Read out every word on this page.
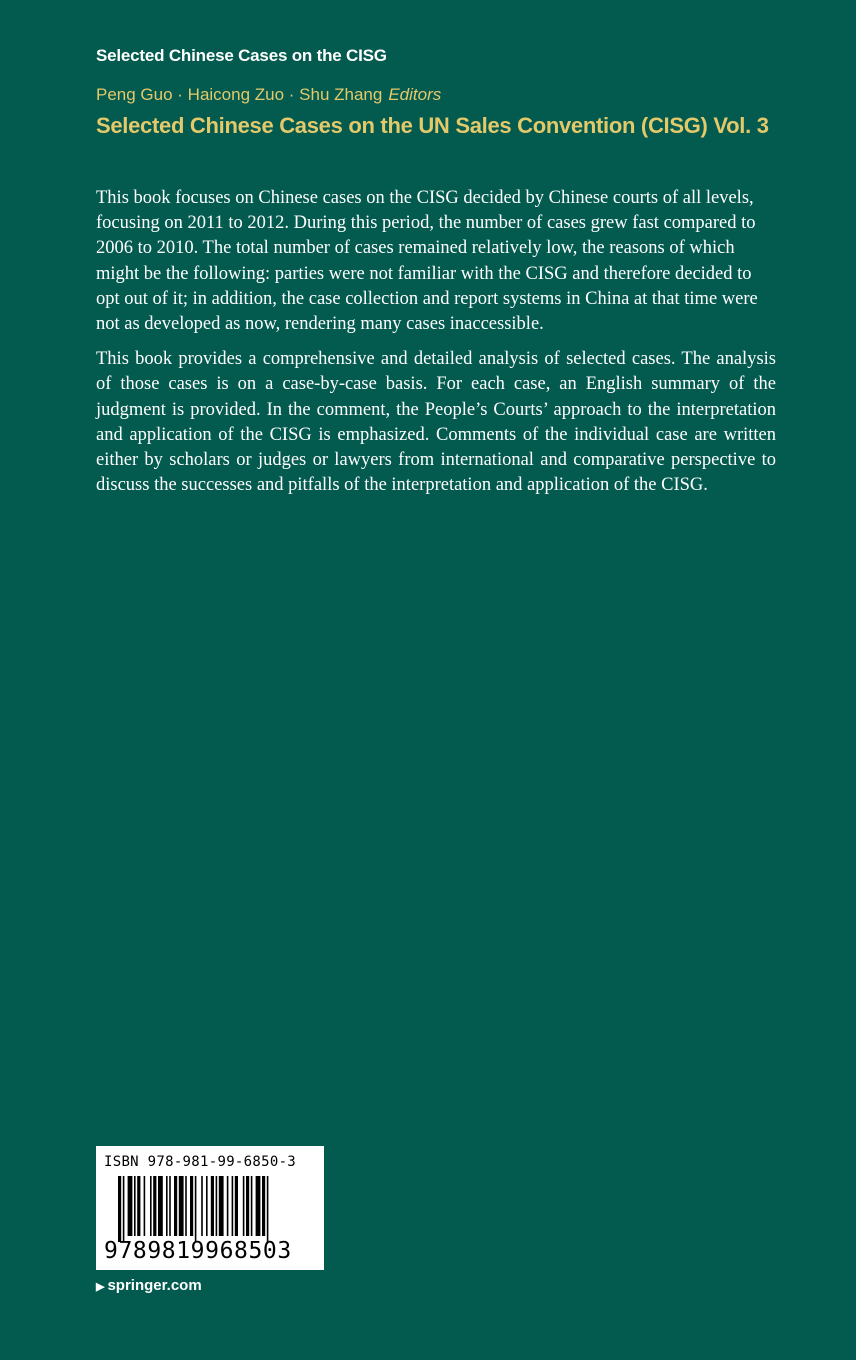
Selected Chinese Cases on the CISG
Peng Guo · Haicong Zuo · Shu Zhang Editors
Selected Chinese Cases on the UN Sales Convention (CISG) Vol. 3

This book focuses on Chinese cases on the CISG decided by Chinese courts of all levels, focusing on 2011 to 2012. During this period, the number of cases grew fast compared to 2006 to 2010. The total number of cases remained relatively low, the reasons of which might be the following: parties were not familiar with the CISG and therefore decided to opt out of it; in addition, the case collection and report systems in China at that time were not as developed as now, rendering many cases inaccessible.

This book provides a comprehensive and detailed analysis of selected cases. The analysis of those cases is on a case-by-case basis. For each case, an English summary of the judgment is provided. In the comment, the People’s Courts’ approach to the interpretation and application of the CISG is emphasized. Comments of the individual case are written either by scholars or judges or lawyers from international and comparative perspective to discuss the successes and pitfalls of the interpretation and application of the CISG.

ISBN 978-981-99-6850-3
9789819968503
▶ springer.com
